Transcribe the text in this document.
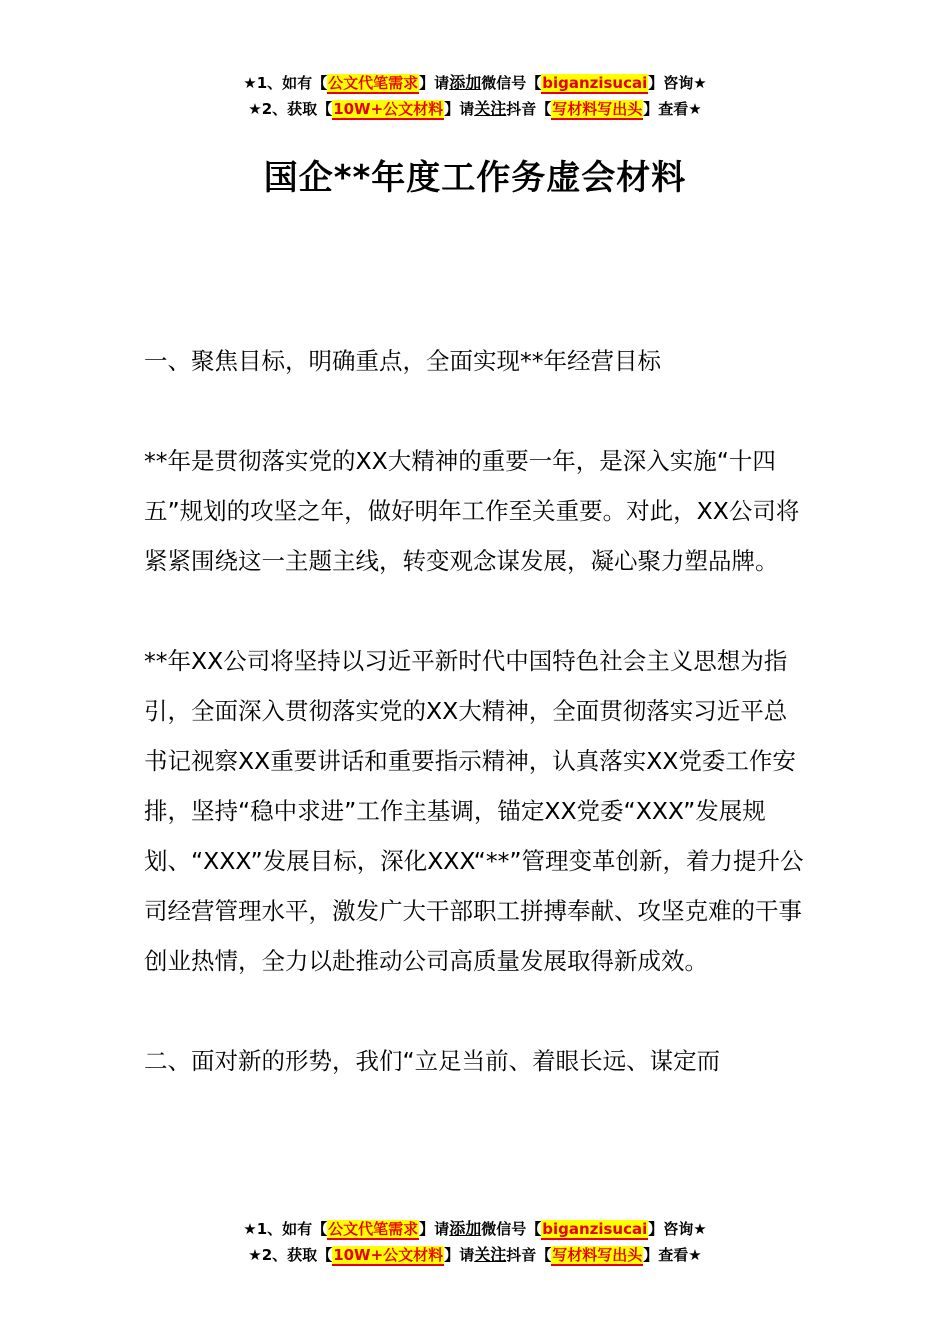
★1、如有【公文代笔需求】请添加微信号【biganzisucai】咨询★
★2、获取【10W+公文材料】请关注抖音【写材料写出头】查看★
国企**年度工作务虚会材料

一、聚焦目标，明确重点，全面实现**年经营目标

**年是贯彻落实党的XX大精神的重要一年，是深入实施“十四五”规划的攻坚之年，做好明年工作至关重要。对此，XX公司将紧紧围绕这一主题主线，转变观念谋发展，凝心聚力塑品牌。

**年XX公司将坚持以习近平新时代中国特色社会主义思想为指引，全面深入贯彻落实党的XX大精神，全面贯彻落实习近平总书记视察XX重要讲话和重要指示精神，认真落实XX党委工作安排，坚持“稳中求进”工作主基调，锚定XX党委“XXX”发展规划、“XXX”发展目标，深化XXX“**”管理变革创新，着力提升公司经营管理水平，激发广大干部职工拼搏奉献、攻坚克难的干事创业热情，全力以赴推动公司高质量发展取得新成效。

二、面对新的形势，我们“立足当前、着眼长远、谋定而

★1、如有【公文代笔需求】请添加微信号【biganzisucai】咨询★
★2、获取【10W+公文材料】请关注抖音【写材料写出头】查看★
